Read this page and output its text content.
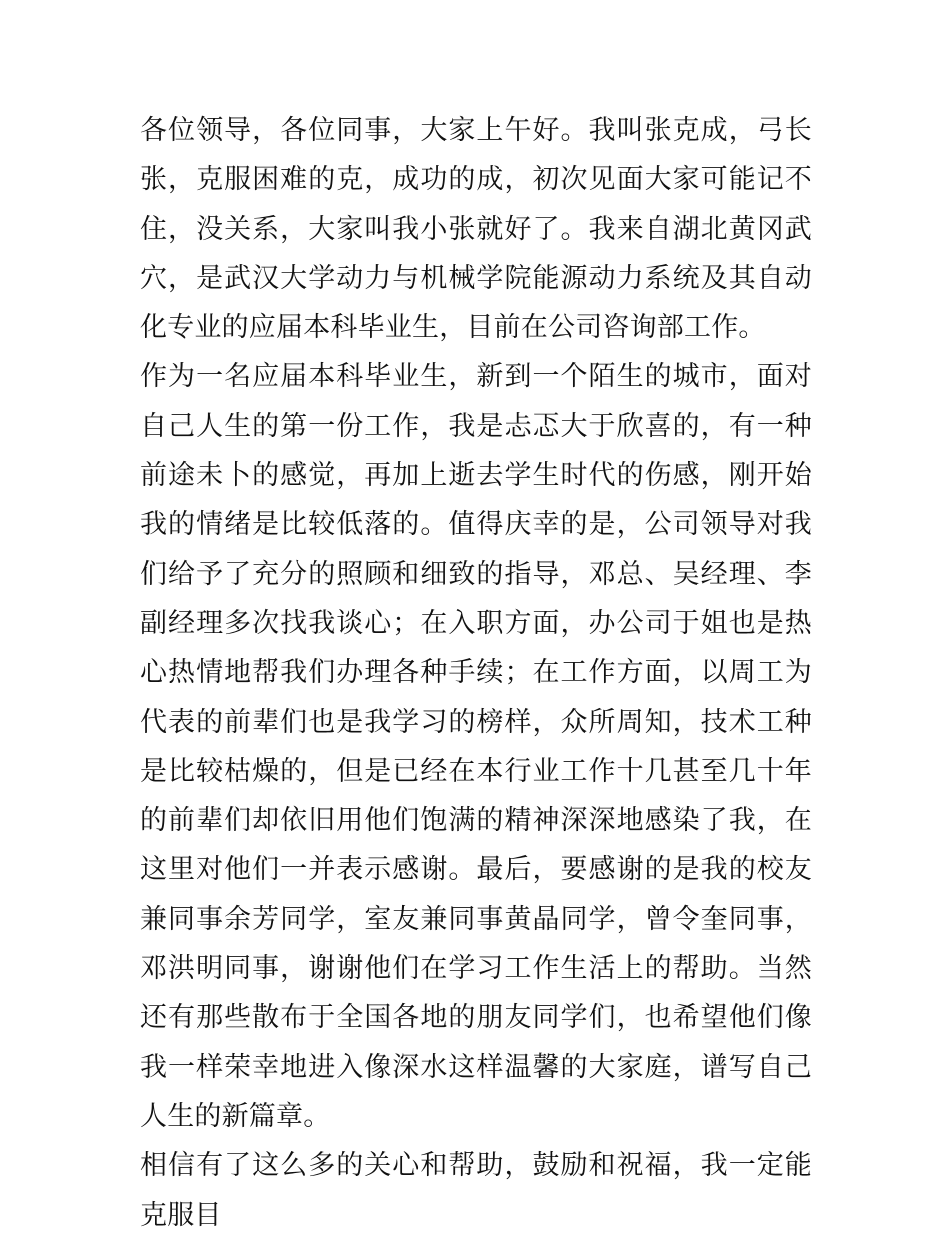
各位领导，各位同事，大家上午好。我叫张克成，弓长张，克服困难的克，成功的成，初次见面大家可能记不住，没关系，大家叫我小张就好了。我来自湖北黄冈武穴，是武汉大学动力与机械学院能源动力系统及其自动化专业的应届本科毕业生，目前在公司咨询部工作。

作为一名应届本科毕业生，新到一个陌生的城市，面对自己人生的第一份工作，我是忐忑大于欣喜的，有一种前途未卜的感觉，再加上逝去学生时代的伤感，刚开始我的情绪是比较低落的。值得庆幸的是，公司领导对我们给予了充分的照顾和细致的指导，邓总、吴经理、李副经理多次找我谈心；在入职方面，办公司于姐也是热心热情地帮我们办理各种手续；在工作方面，以周工为代表的前辈们也是我学习的榜样，众所周知，技术工种是比较枯燥的，但是已经在本行业工作十几甚至几十年的前辈们却依旧用他们饱满的精神深深地感染了我，在这里对他们一并表示感谢。最后，要感谢的是我的校友兼同事余芳同学，室友兼同事黄晶同学，曾令奎同事，邓洪明同事，谢谢他们在学习工作生活上的帮助。当然还有那些散布于全国各地的朋友同学们，也希望他们像我一样荣幸地进入像深水这样温馨的大家庭，谱写自己人生的新篇章。

相信有了这么多的关心和帮助，鼓励和祝福，我一定能克服目
